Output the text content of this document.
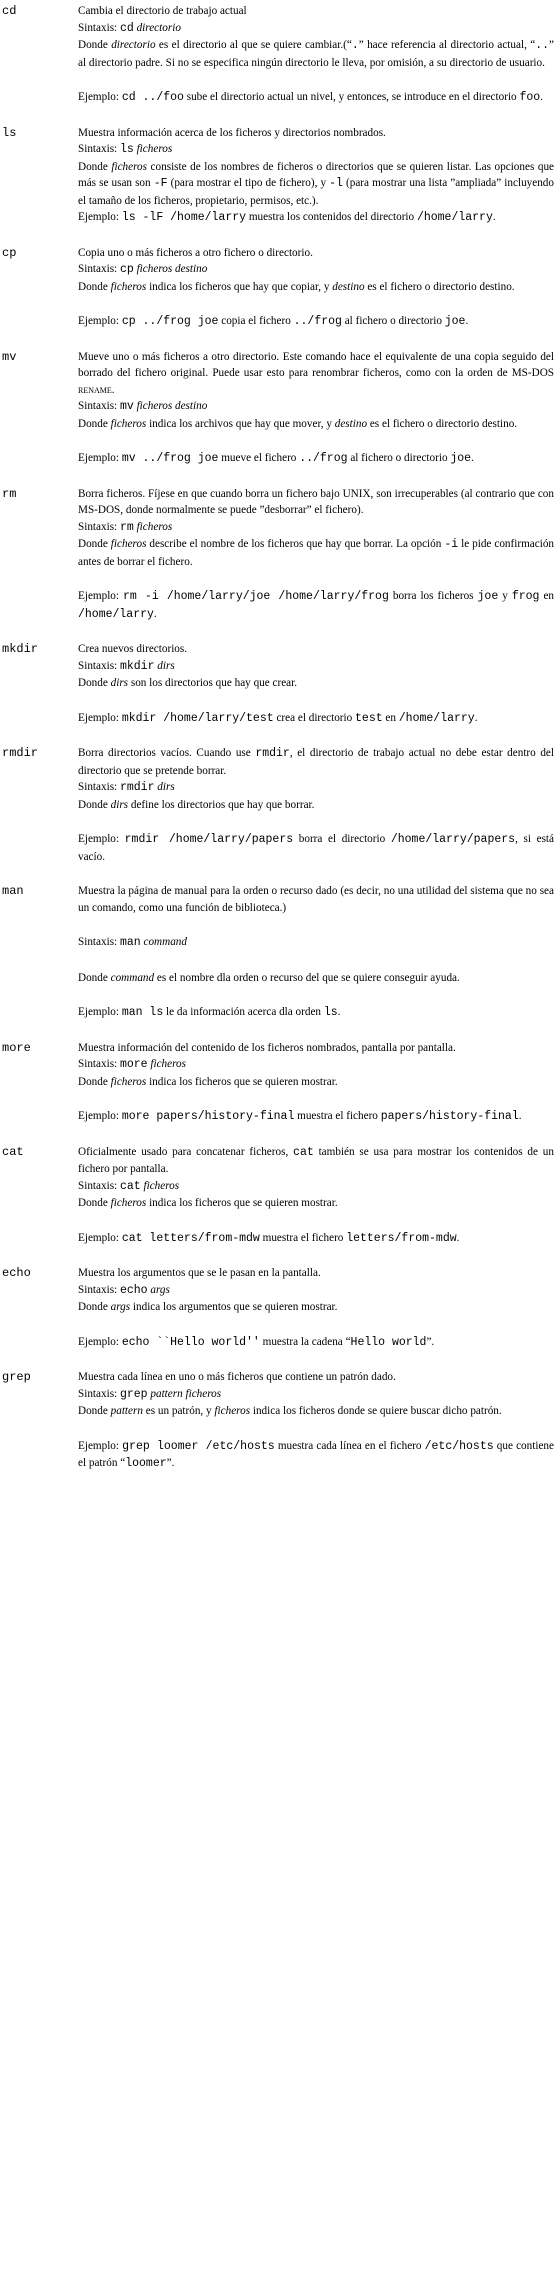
cd	Cambia el directorio de trabajo actual

Sintaxis: cd directorio

Donde directorio es el directorio al que se quiere cambiar.(“.” hace referencia al directorio actual, “..” al directorio padre. Si no se especifica ningún directorio le lleva, por omisión, a su directorio de usuario.

Ejemplo: cd ../foo sube el directorio actual un nivel, y entonces, se introduce en el directorio foo.

ls	Muestra información acerca de los ficheros y directorios nombrados.

Sintaxis: ls ficheros

Donde ficheros consiste de los nombres de ficheros o directorios que se quieren listar. Las opciones que más se usan son -F (para mostrar el tipo de fichero), y -l (para mostrar una lista ”ampliada” incluyendo el tamaño de los ficheros, propietario, permisos, etc.).

Ejemplo: ls -lF /home/larry muestra los contenidos del directorio /home/larry.

cp	Copia uno o más ficheros a otro fichero o directorio.

Sintaxis: cp ficheros destino

Donde ficheros indica los ficheros que hay que copiar, y destino es el fichero o directorio destino.

Ejemplo: cp ../frog joe copia el fichero ../frog al fichero o directorio joe.

mv	Mueve uno o más ficheros a otro directorio. Este comando hace el equivalente de una copia seguido del borrado del fichero original. Puede usar esto para renombrar ficheros, como con la orden de MS-DOS rename.

Sintaxis: mv ficheros destino

Donde ficheros indica los archivos que hay que mover, y destino es el fichero o directorio destino.

Ejemplo: mv ../frog joe mueve el fichero ../frog al fichero o directorio joe.

rm	Borra ficheros. Fíjese en que cuando borra un fichero bajo UNIX, son irrecuperables (al contrario que con MS-DOS, donde normalmente se puede ”desborrar” el fichero).

Sintaxis: rm ficheros

Donde ficheros describe el nombre de los ficheros que hay que borrar. La opción -i le pide confirmación antes de borrar el fichero.

Ejemplo: rm -i /home/larry/joe /home/larry/frog borra los ficheros joe y frog en /home/larry.

mkdir	Crea nuevos directorios.

Sintaxis: mkdir dirs

Donde dirs son los directorios que hay que crear.

Ejemplo: mkdir /home/larry/test crea el directorio test en /home/larry.

rmdir	Borra directorios vacíos. Cuando use rmdir, el directorio de trabajo actual no debe estar dentro del directorio que se pretende borrar.

Sintaxis: rmdir dirs

Donde dirs define los directorios que hay que borrar.

Ejemplo: rmdir /home/larry/papers borra el directorio /home/larry/papers, si está vacío.

man	Muestra la página de manual para la orden o recurso dado (es decir, no una utilidad del sistema que no sea un comando, como una función de biblioteca.)

Sintaxis: man command

Donde command es el nombre dla orden o recurso del que se quiere conseguir ayuda.

Ejemplo: man ls le da información acerca dla orden ls.

more	Muestra información del contenido de los ficheros nombrados, pantalla por pantalla.

Sintaxis: more ficheros

Donde ficheros indica los ficheros que se quieren mostrar.

Ejemplo: more papers/history-final muestra el fichero papers/history-final.

cat	Oficialmente usado para concatenar ficheros, cat también se usa para mostrar los contenidos de un fichero por pantalla.

Sintaxis: cat ficheros

Donde ficheros indica los ficheros que se quieren mostrar.

Ejemplo: cat letters/from-mdw muestra el fichero letters/from-mdw.

echo	Muestra los argumentos que se le pasan en la pantalla.

Sintaxis: echo args

Donde args indica los argumentos que se quieren mostrar.

Ejemplo: echo ``Hello world'' muestra la cadena “Hello world”.

grep	Muestra cada línea en uno o más ficheros que contiene un patrón dado.

Sintaxis: grep pattern ficheros

Donde pattern es un patrón, y ficheros indica los ficheros donde se quiere buscar dicho patrón.

Ejemplo: grep loomer /etc/hosts muestra cada línea en el fichero /etc/hosts que contiene el patrón “loomer”.
